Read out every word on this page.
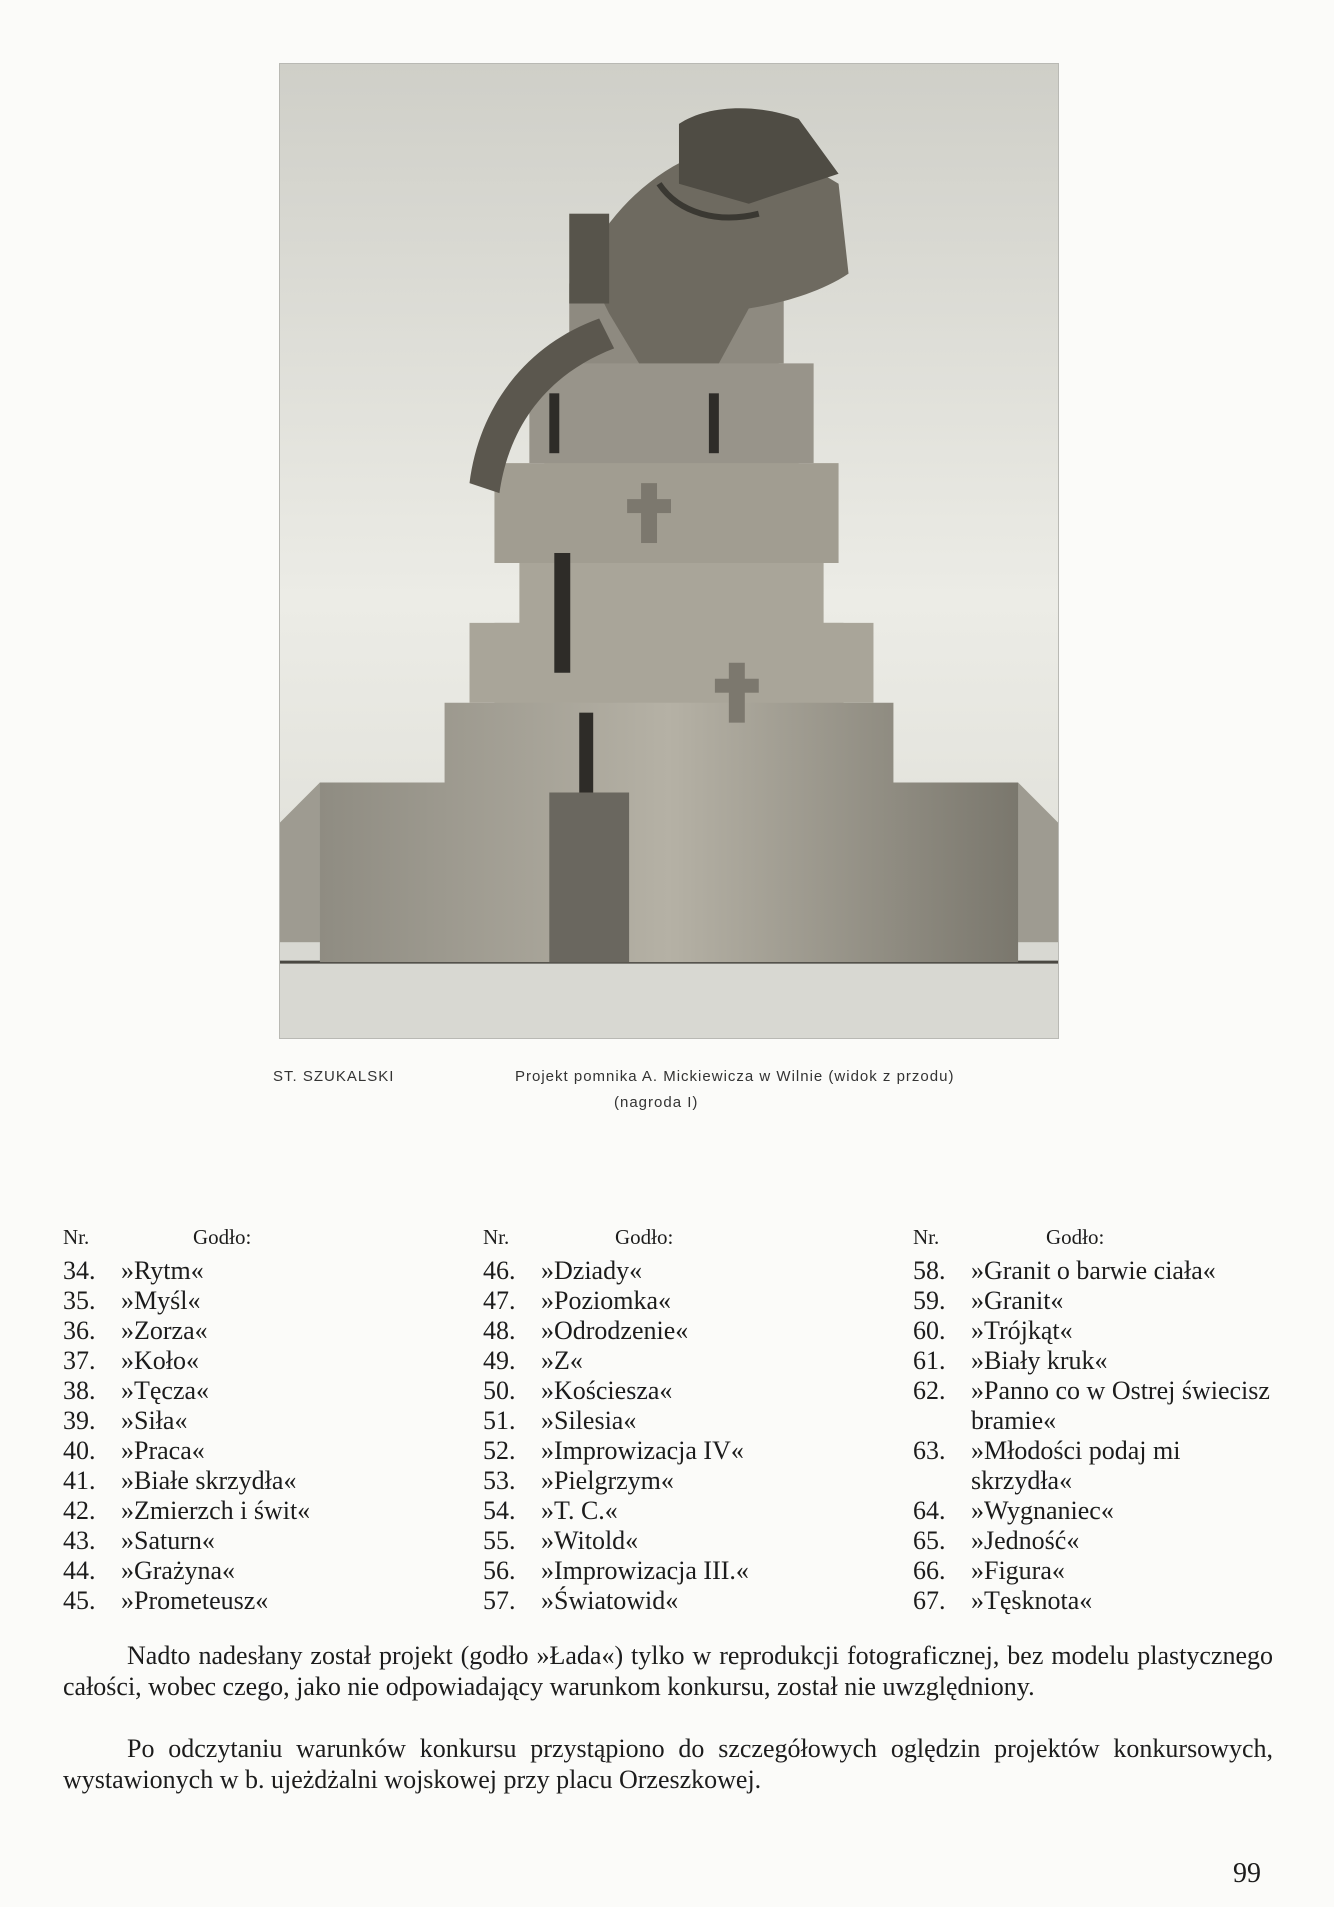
ST. SZUKALSKI	Projekt pomnika A. Mickiewicza w Wilnie (widok z przodu)
(nagroda I)
Nr.	Godło:
34. »Rytm«
35. »Myśl«
36. »Zorza«
37. »Koło«
38. »Tęcza«
39. »Siła«
40. »Praca«
41. »Białe skrzydła«
42. »Zmierzch i świt«
43. »Saturn«
44. »Grażyna«
45. »Prometeusz«
Nr.	Godło:
46. »Dziady«
47. »Poziomka«
48. »Odrodzenie«
49. »Z«
50. »Kościesza«
51. »Silesia«
52. »Improwizacja IV«
53. »Pielgrzym«
54. »T. C.«
55. »Witold«
56. »Improwizacja III.«
57. »Światowid«
Nr.	Godło:
58. »Granit o barwie ciała«
59. »Granit«
60. »Trójkąt«
61. »Biały kruk«
62. »Panno co w Ostrej świecisz bramie«
63. »Młodości podaj mi skrzydła«
64. »Wygnaniec«
65. »Jedność«
66. »Figura«
67. »Tęsknota«

Nadto nadesłany został projekt (godło »Łada«) tylko w reprodukcji fotograficznej, bez modelu plastycznego całości, wobec czego, jako nie odpowiadający warunkom konkursu, został nie uwzględniony.

Po odczytaniu warunków konkursu przystąpiono do szczegółowych oględzin projektów konkursowych, wystawionych w b. ujeżdżalni wojskowej przy placu Orzeszkowej.

99
